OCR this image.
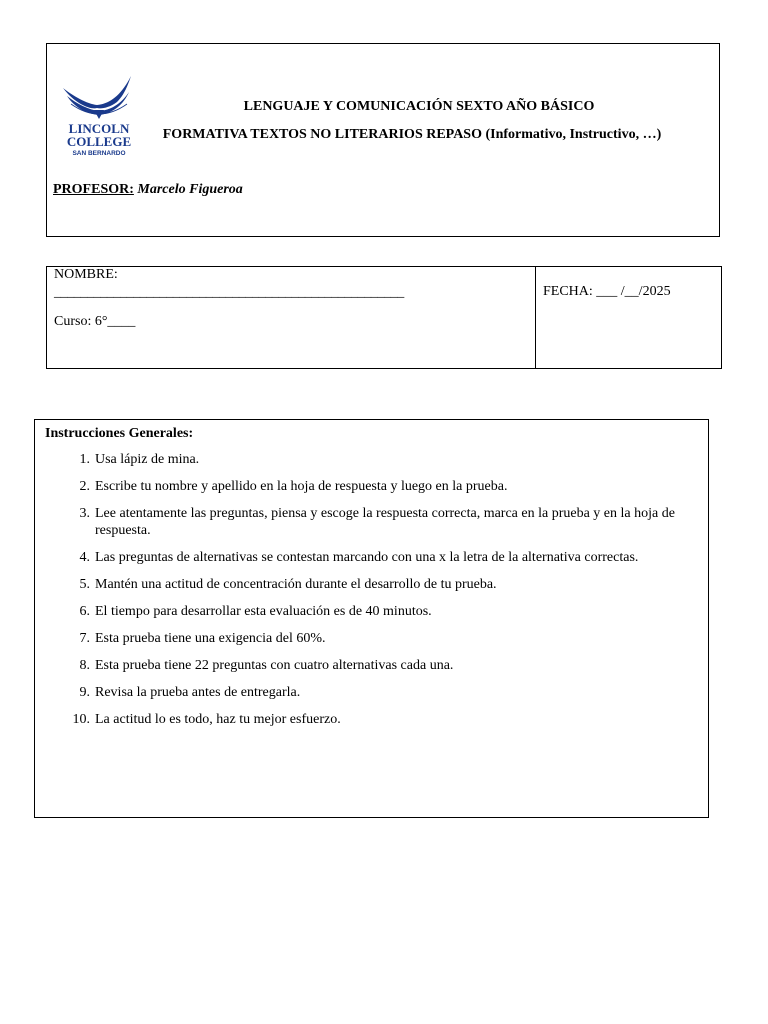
LINCOLN
COLLEGE
SAN BERNARDO
LENGUAJE Y COMUNICACIÓN SEXTO AÑO BÁSICO
FORMATIVA TEXTOS NO LITERARIOS REPASO (Informativo, Instructivo, …)
PROFESOR: Marcelo Figueroa
NOMBRE:
_____________________________________________________
Curso: 6°____
FECHA: ___ /__/2025
Instrucciones Generales:
1. Usa lápiz de mina.
2. Escribe tu nombre y apellido en la hoja de respuesta y luego en la prueba.
3. Lee atentamente las preguntas, piensa y escoge la respuesta correcta, marca en la prueba y en la hoja de respuesta.
4. Las preguntas de alternativas se contestan marcando con una x la letra de la alternativa correctas.
5. Mantén una actitud de concentración durante el desarrollo de tu prueba.
6. El tiempo para desarrollar esta evaluación es de 40 minutos.
7. Esta prueba tiene una exigencia del 60%.
8. Esta prueba tiene 22 preguntas con cuatro alternativas cada una.
9. Revisa la prueba antes de entregarla.
10. La actitud lo es todo, haz tu mejor esfuerzo.
